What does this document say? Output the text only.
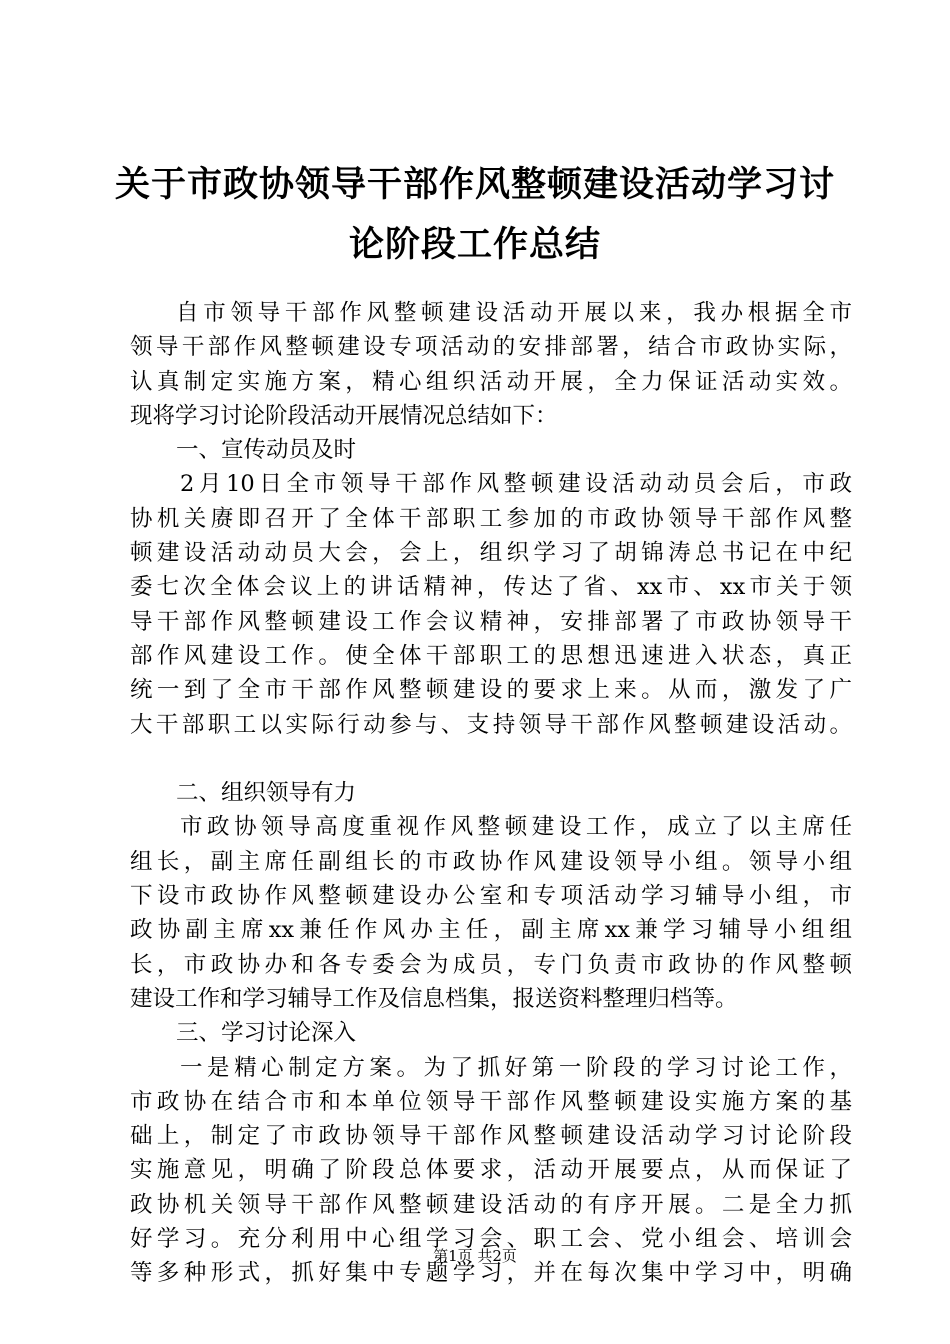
关于市政协领导干部作风整顿建设活动学习讨
论阶段工作总结
自市领导干部作风整顿建设活动开展以来，我办根据全市
领导干部作风整顿建设专项活动的安排部署，结合市政协实际，
认真制定实施方案，精心组织活动开展，全力保证活动实效。
现将学习讨论阶段活动开展情况总结如下：
一、宣传动员及时
2月10日全市领导干部作风整顿建设活动动员会后，市政
协机关赓即召开了全体干部职工参加的市政协领导干部作风整
顿建设活动动员大会，会上，组织学习了胡锦涛总书记在中纪
委七次全体会议上的讲话精神，传达了省、xx市、xx市关于领
导干部作风整顿建设工作会议精神，安排部署了市政协领导干
部作风建设工作。使全体干部职工的思想迅速进入状态，真正
统一到了全市干部作风整顿建设的要求上来。从而，激发了广
大干部职工以实际行动参与、支持领导干部作风整顿建设活动。
二、组织领导有力
市政协领导高度重视作风整顿建设工作，成立了以主席任
组长，副主席任副组长的市政协作风建设领导小组。领导小组
下设市政协作风整顿建设办公室和专项活动学习辅导小组，市
政协副主席xx兼任作风办主任，副主席xx兼学习辅导小组组
长，市政协办和各专委会为成员，专门负责市政协的作风整顿
建设工作和学习辅导工作及信息档集，报送资料整理归档等。
三、学习讨论深入
一是精心制定方案。为了抓好第一阶段的学习讨论工作，
市政协在结合市和本单位领导干部作风整顿建设实施方案的基
础上，制定了市政协领导干部作风整顿建设活动学习讨论阶段
实施意见，明确了阶段总体要求，活动开展要点，从而保证了
政协机关领导干部作风整顿建设活动的有序开展。二是全力抓
好学习。充分利用中心组学习会、职工会、党小组会、培训会
等多种形式，抓好集中专题学习，并在每次集中学习中，明确
第1页 共2页
